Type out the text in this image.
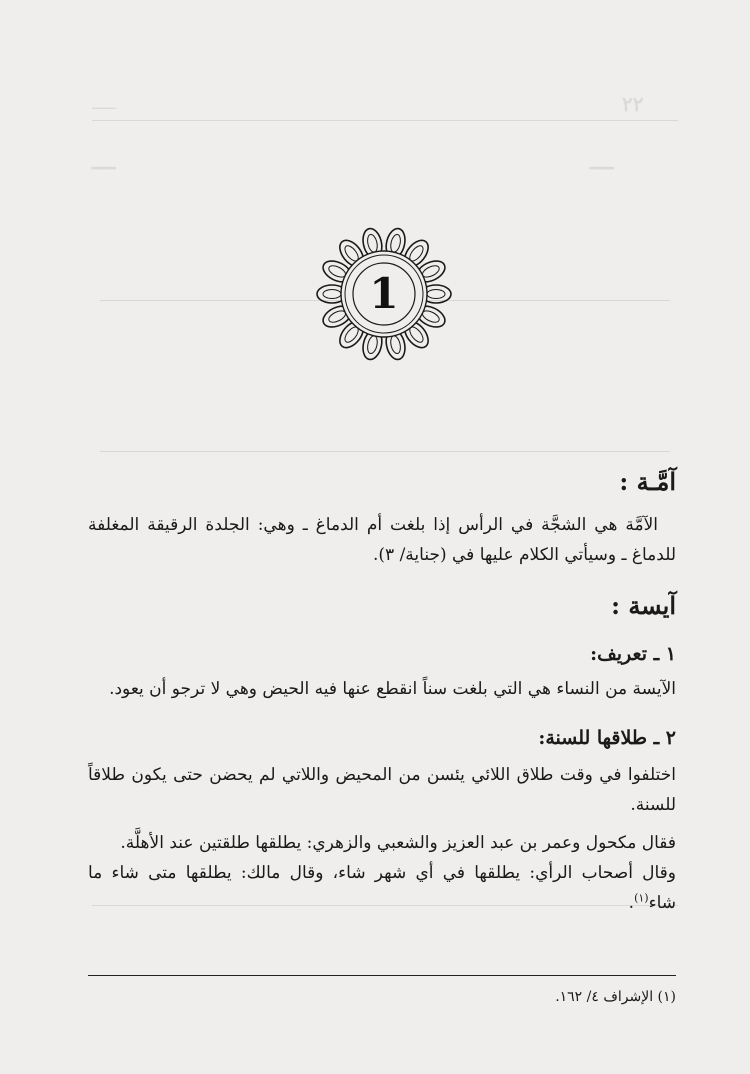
٢٢
ـــــ
ــــ
ــــ
1
آمَّـة :

الآمَّة هي الشجَّة في الرأس إذا بلغت أم الدماغ ـ وهي: الجلدة الرقيقة المغلفة للدماغ ـ وسيأتي الكلام عليها في (جناية/ ٣).

آيسة :
١ ـ تعريف:

الآيسة من النساء هي التي بلغت سناً انقطع عنها فيه الحيض وهي لا ترجو أن يعود.

٢ ـ طلاقها للسنة:

اختلفوا في وقت طلاق اللائي يئسن من المحيض واللاتي لم يحضن حتى يكون طلاقاً للسنة.

فقال مكحول وعمر بن عبد العزيز والشعبي والزهري: يطلقها طلقتين عند الأهلَّة.

وقال أصحاب الرأي: يطلقها في أي شهر شاء، وقال مالك: يطلقها متى شاء ما شاء$^{(١)}$.

(١) الإشراف ٤/ ١٦٢.
